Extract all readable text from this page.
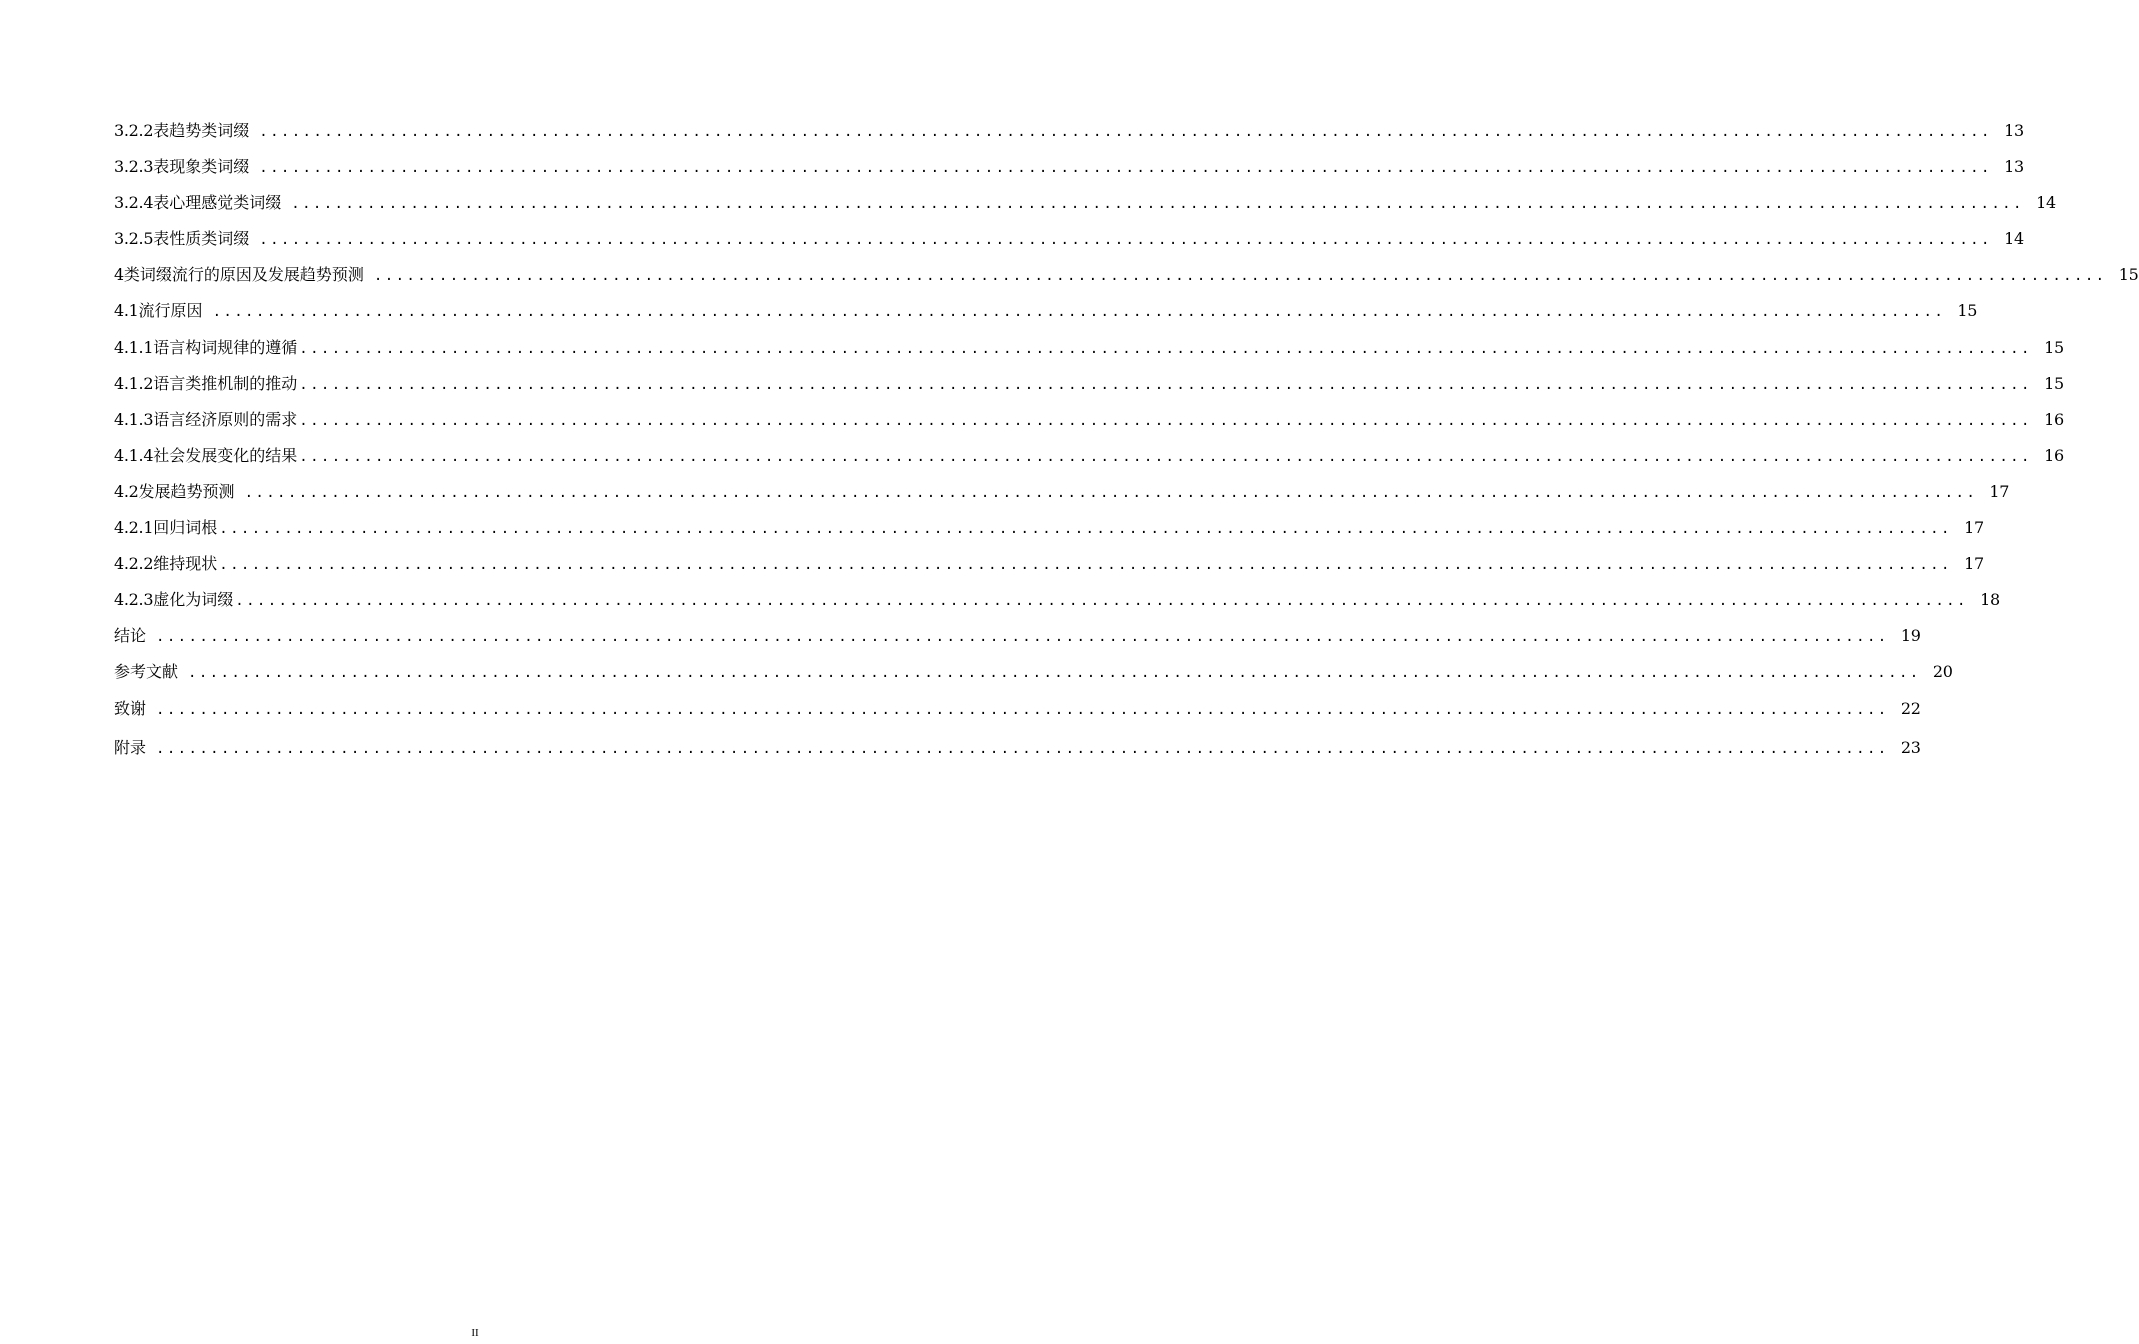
3.2.2 表趋势类词缀 ................................................................................................................................................................ 13
3.2.3 表现象类词缀 ................................................................................................................................................................ 13
3.2.4 表心理感觉类词缀 ................................................................................................................................................................ 14
3.2.5 表性质类词缀 ................................................................................................................................................................ 14
4 类词缀流行的原因及发展趋势预测 ................................................................................................................................................................ 15
4.1 流行原因 ................................................................................................................................................................ 15
4.1.1 语言构词规律的遵循 ................................................................................................................................................................ 15
4.1.2 语言类推机制的推动 ................................................................................................................................................................ 15
4.1.3 语言经济原则的需求 ................................................................................................................................................................ 16
4.1.4 社会发展变化的结果 ................................................................................................................................................................ 16
4.2 发展趋势预测 ................................................................................................................................................................ 17
4.2.1 回归词根 ................................................................................................................................................................ 17
4.2.2 维持现状 ................................................................................................................................................................ 17
4.2.3 虚化为词缀 ................................................................................................................................................................ 18
结论 ................................................................................................................................................................ 19
参考文献 ................................................................................................................................................................ 20
致谢 ................................................................................................................................................................ 22
附录 ................................................................................................................................................................ 23
II
